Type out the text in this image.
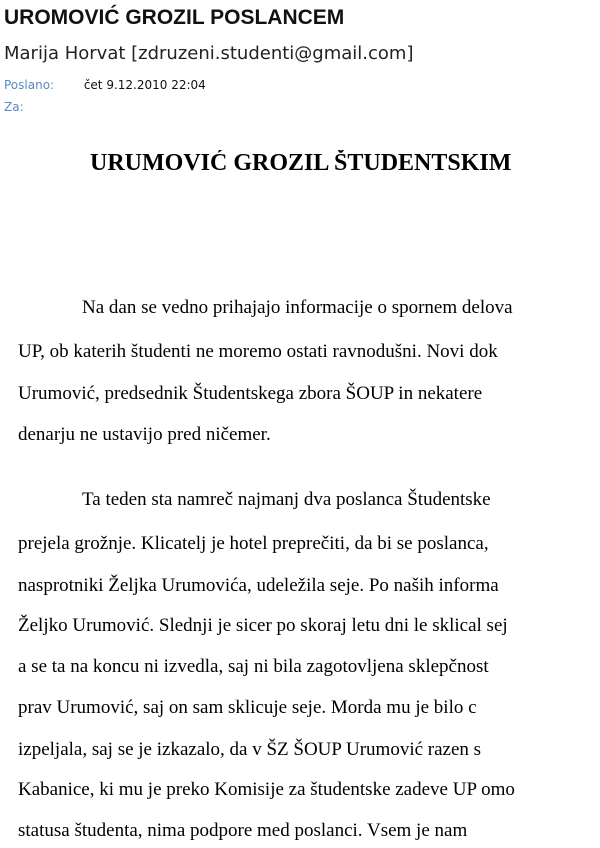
UROMOVIĆ GROZIL POSLANCEM
Marija Horvat [zdruzeni.studenti@gmail.com]
Poslano: čet 9.12.2010 22:04
Za:
URUMOVIĆ GROZIL ŠTUDENTSKIM
Na dan se vedno prihajajo informacije o spornem delova
UP, ob katerih študenti ne moremo ostati ravnodušni. Novi dok
Urumović, predsednik Študentskega zbora ŠOUP in nekatere
denarju ne ustavijo pred ničemer.
Ta teden sta namreč najmanj dva poslanca Študentske
prejela grožnje. Klicatelj je hotel preprečiti, da bi se poslanca,
nasprotniki Željka Urumovića, udeležila seje. Po naših informa
Željko Urumović. Slednji je sicer po skoraj letu dni le sklical sej
a se ta na koncu ni izvedla, saj ni bila zagotovljena sklepčnost
prav Urumović, saj on sam sklicuje seje. Morda mu je bilo c
izpeljala, saj se je izkazalo, da v ŠZ ŠOUP Urumović razen s
Kabanice, ki mu je preko Komisije za študentske zadeve UP omo
statusa študenta, nima podpore med poslanci. Vsem je nam
